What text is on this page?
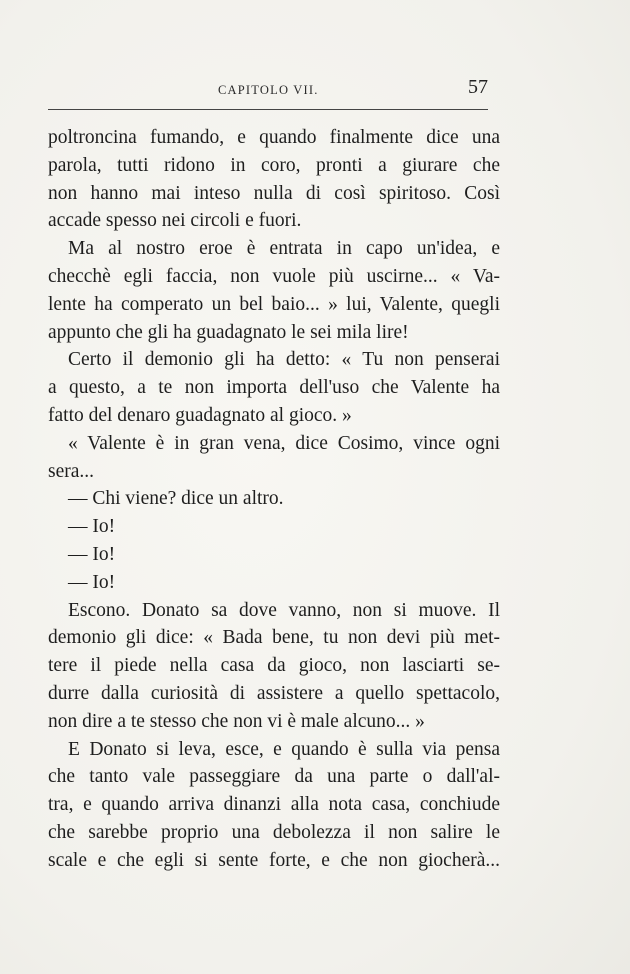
CAPITOLO VII.	57
poltroncina fumando, e quando finalmente dice una
parola, tutti ridono in coro, pronti a giurare che
non hanno mai inteso nulla di così spiritoso. Così
accade spesso nei circoli e fuori.
Ma al nostro eroe è entrata in capo un'idea, e
checchè egli faccia, non vuole più uscirne... « Va-
lente ha comperato un bel baio... » lui, Valente, quegli
appunto che gli ha guadagnato le sei mila lire!
Certo il demonio gli ha detto: « Tu non penserai
a questo, a te non importa dell'uso che Valente ha
fatto del denaro guadagnato al gioco. »
« Valente è in gran vena, dice Cosimo, vince ogni
sera...
— Chi viene? dice un altro.
— Io!
— Io!
— Io!
Escono. Donato sa dove vanno, non si muove. Il
demonio gli dice: « Bada bene, tu non devi più met-
tere il piede nella casa da gioco, non lasciarti se-
durre dalla curiosità di assistere a quello spettacolo,
non dire a te stesso che non vi è male alcuno... »
E Donato si leva, esce, e quando è sulla via pensa
che tanto vale passeggiare da una parte o dall'al-
tra, e quando arriva dinanzi alla nota casa, conchiude
che sarebbe proprio una debolezza il non salire le
scale e che egli si sente forte, e che non giocherà...
